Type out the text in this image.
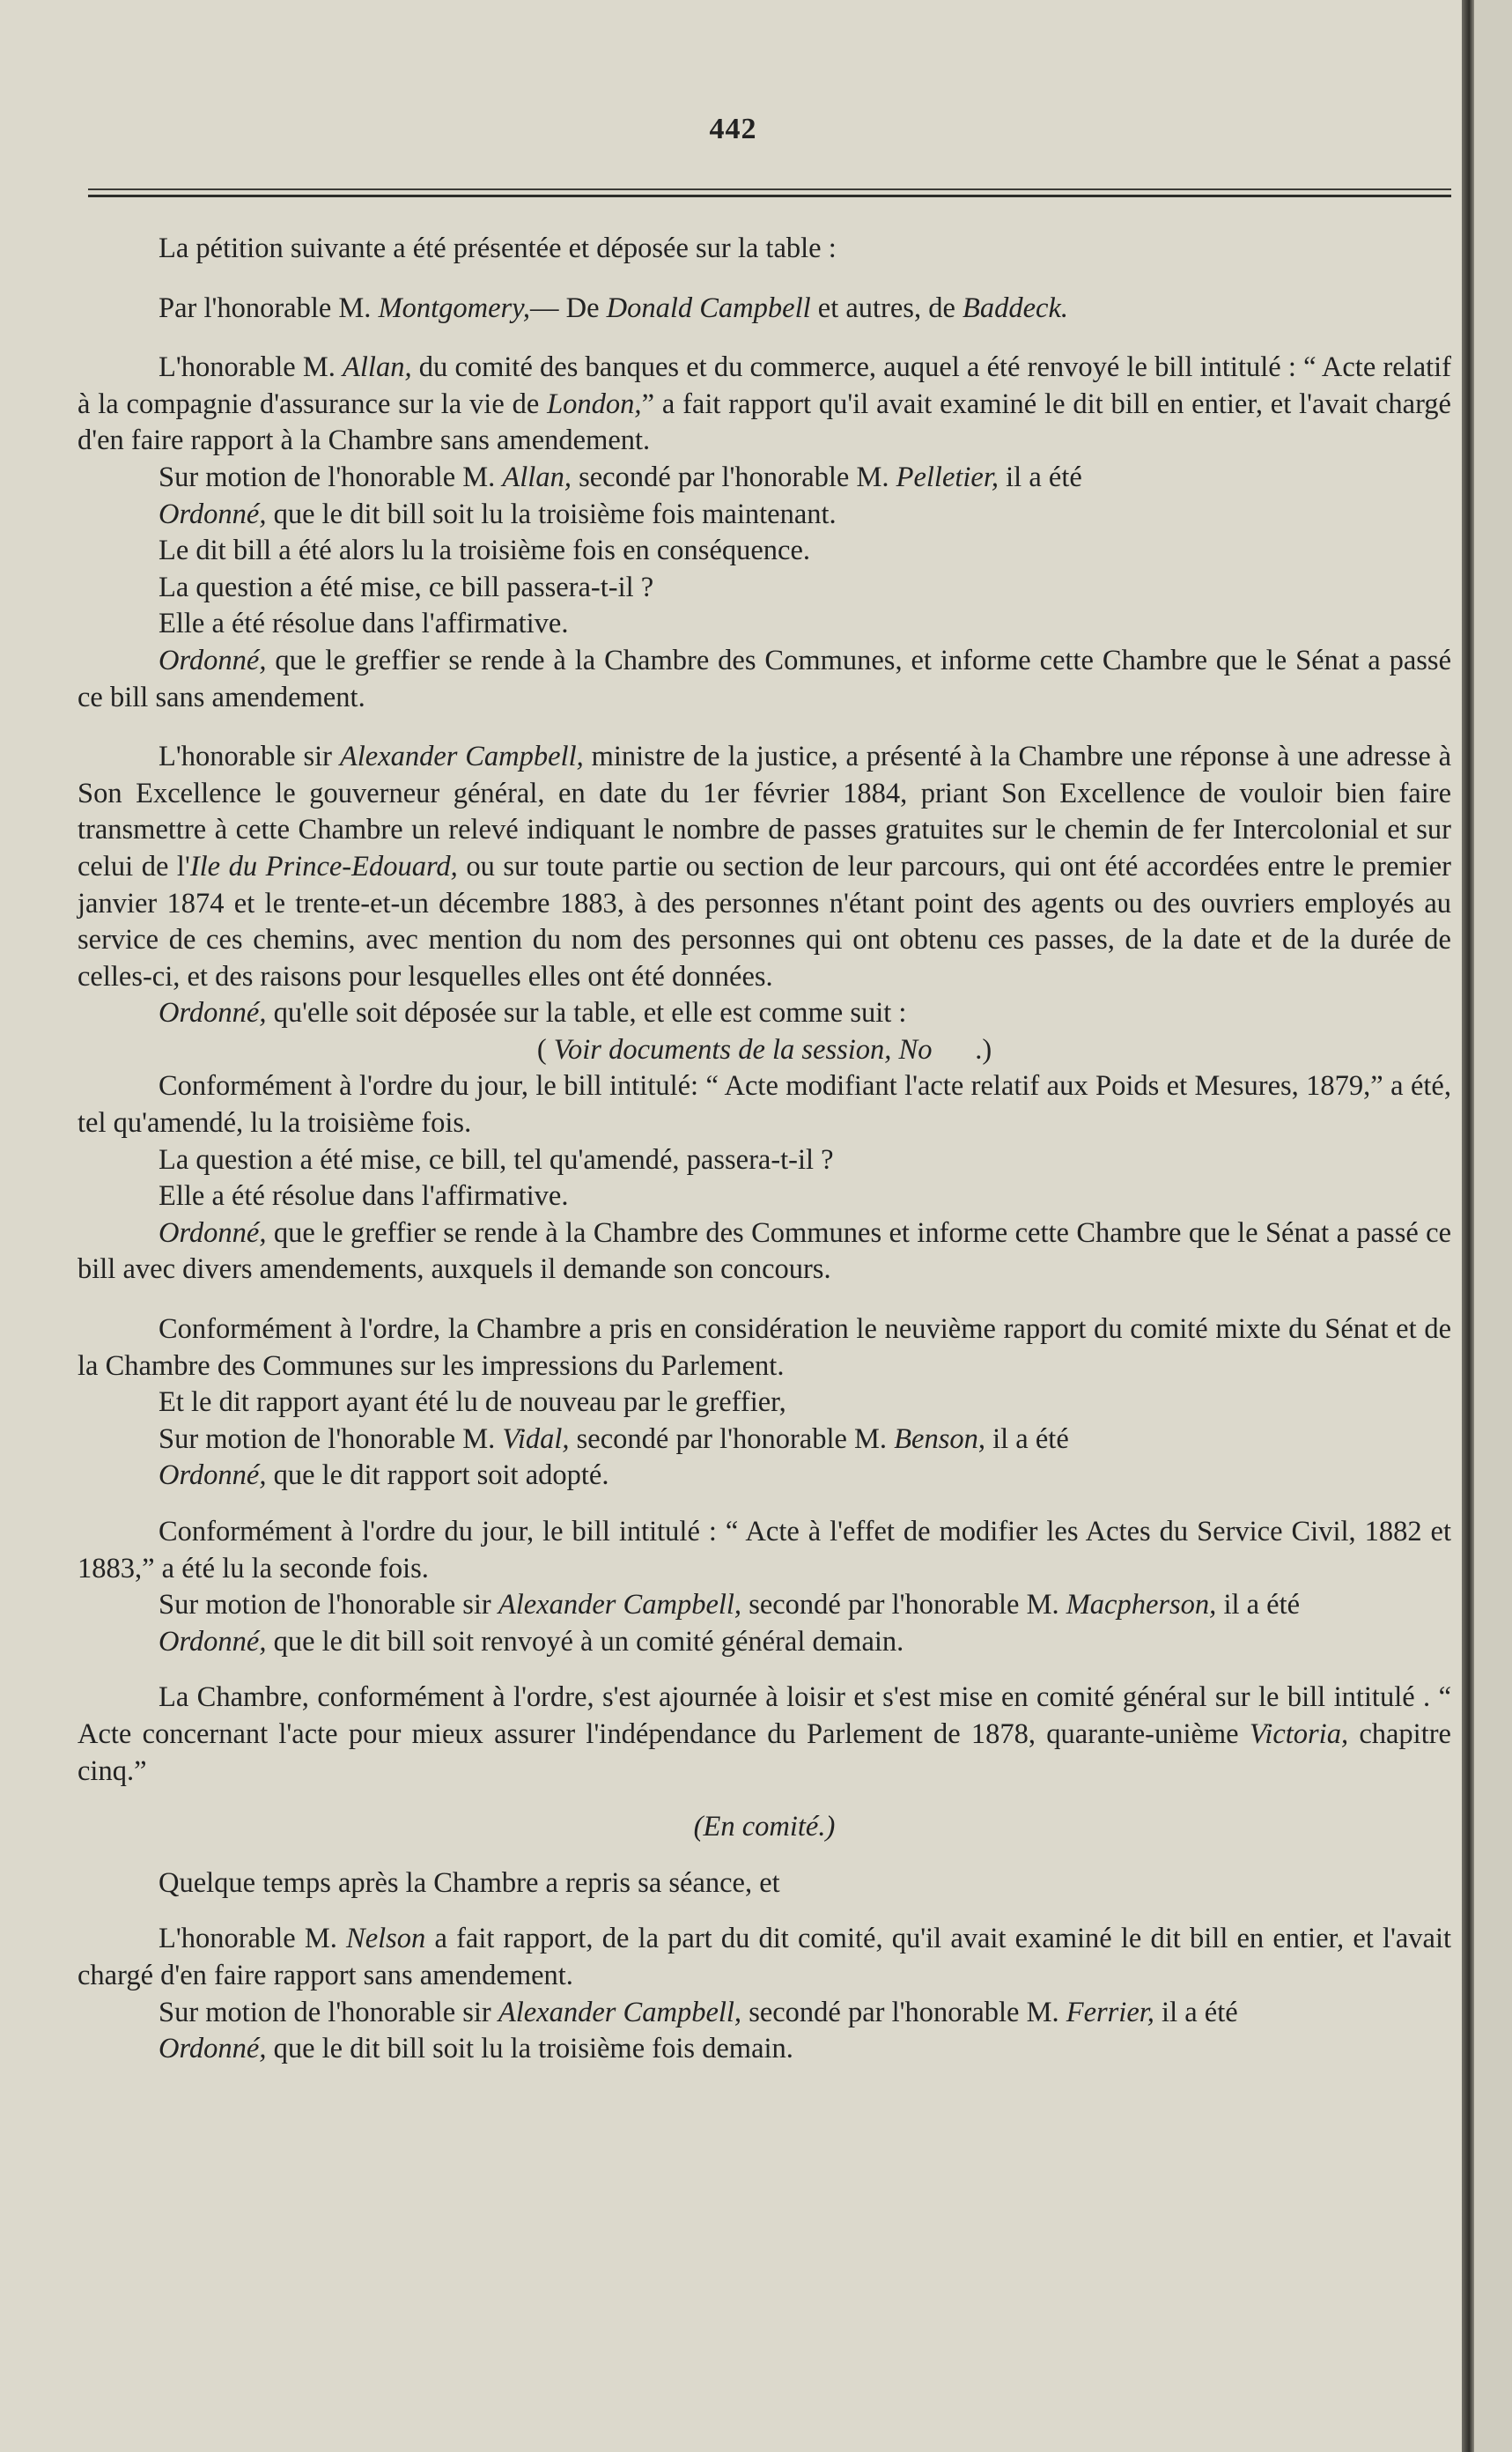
442

La pétition suivante a été présentée et déposée sur la table :

Par l'honorable M. Montgomery,— De Donald Campbell et autres, de Baddeck.

L'honorable M. Allan, du comité des banques et du commerce, auquel a été renvoyé le bill intitulé : “ Acte relatif à la compagnie d'assurance sur la vie de London,” a fait rapport qu'il avait examiné le dit bill en entier, et l'avait chargé d'en faire rapport à la Chambre sans amendement.

Sur motion de l'honorable M. Allan, secondé par l'honorable M. Pelletier, il a été

Ordonné, que le dit bill soit lu la troisième fois maintenant.

Le dit bill a été alors lu la troisième fois en conséquence.

La question a été mise, ce bill passera-t-il ?

Elle a été résolue dans l'affirmative.

Ordonné, que le greffier se rende à la Chambre des Communes, et informe cette Chambre que le Sénat a passé ce bill sans amendement.

L'honorable sir Alexander Campbell, ministre de la justice, a présenté à la Chambre une réponse à une adresse à Son Excellence le gouverneur général, en date du 1er février 1884, priant Son Excellence de vouloir bien faire transmettre à cette Chambre un relevé indiquant le nombre de passes gratuites sur le chemin de fer Intercolonial et sur celui de l'Ile du Prince-Edouard, ou sur toute partie ou section de leur parcours, qui ont été accordées entre le premier janvier 1874 et le trente-et-un décembre 1883, à des personnes n'étant point des agents ou des ouvriers employés au service de ces chemins, avec mention du nom des personnes qui ont obtenu ces passes, de la date et de la durée de celles-ci, et des raisons pour lesquelles elles ont été données.

Ordonné, qu'elle soit déposée sur la table, et elle est comme suit :

( Voir documents de la session, No      .)

Conformément à l'ordre du jour, le bill intitulé: “ Acte modifiant l'acte relatif aux Poids et Mesures, 1879,” a été, tel qu'amendé, lu la troisième fois.

La question a été mise, ce bill, tel qu'amendé, passera-t-il ?

Elle a été résolue dans l'affirmative.

Ordonné, que le greffier se rende à la Chambre des Communes et informe cette Chambre que le Sénat a passé ce bill avec divers amendements, auxquels il demande son concours.

Conformément à l'ordre, la Chambre a pris en considération le neuvième rapport du comité mixte du Sénat et de la Chambre des Communes sur les impressions du Parlement.

Et le dit rapport ayant été lu de nouveau par le greffier,

Sur motion de l'honorable M. Vidal, secondé par l'honorable M. Benson, il a été

Ordonné, que le dit rapport soit adopté.

Conformément à l'ordre du jour, le bill intitulé : “ Acte à l'effet de modifier les Actes du Service Civil, 1882 et 1883,” a été lu la seconde fois.

Sur motion de l'honorable sir Alexander Campbell, secondé par l'honorable M. Macpherson, il a été

Ordonné, que le dit bill soit renvoyé à un comité général demain.

La Chambre, conformément à l'ordre, s'est ajournée à loisir et s'est mise en comité général sur le bill intitulé . “ Acte concernant l'acte pour mieux assurer l'indépendance du Parlement de 1878, quarante-unième Victoria, chapitre cinq.”

(En comité.)

Quelque temps après la Chambre a repris sa séance, et

L'honorable M. Nelson a fait rapport, de la part du dit comité, qu'il avait examiné le dit bill en entier, et l'avait chargé d'en faire rapport sans amendement.

Sur motion de l'honorable sir Alexander Campbell, secondé par l'honorable M. Ferrier, il a été

Ordonné, que le dit bill soit lu la troisième fois demain.
